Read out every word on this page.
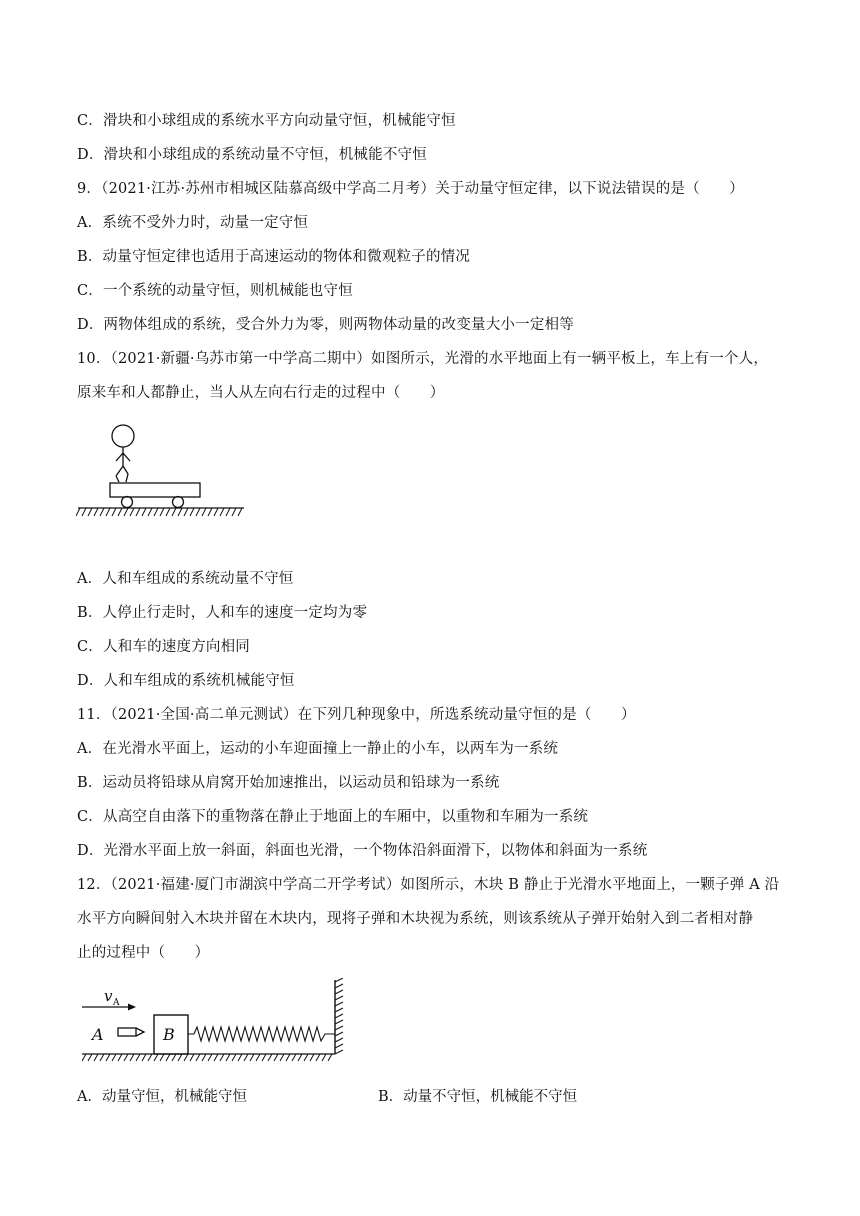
C．滑块和小球组成的系统水平方向动量守恒，机械能守恒
D．滑块和小球组成的系统动量不守恒，机械能不守恒
9．（2021·江苏·苏州市相城区陆慕高级中学高二月考）关于动量守恒定律，以下说法错误的是（　　）
A．系统不受外力时，动量一定守恒
B．动量守恒定律也适用于高速运动的物体和微观粒子的情况
C．一个系统的动量守恒，则机械能也守恒
D．两物体组成的系统，受合外力为零，则两物体动量的改变量大小一定相等
10．（2021·新疆·乌苏市第一中学高二期中）如图所示，光滑的水平地面上有一辆平板上，车上有一个人，
原来车和人都静止，当人从左向右行走的过程中（　　）
A．人和车组成的系统动量不守恒
B．人停止行走时，人和车的速度一定均为零
C．人和车的速度方向相同
D．人和车组成的系统机械能守恒
11．（2021·全国·高二单元测试）在下列几种现象中，所选系统动量守恒的是（　　）
A．在光滑水平面上，运动的小车迎面撞上一静止的小车，以两车为一系统
B．运动员将铅球从肩窝开始加速推出，以运动员和铅球为一系统
C．从高空自由落下的重物落在静止于地面上的车厢中，以重物和车厢为一系统
D．光滑水平面上放一斜面，斜面也光滑，一个物体沿斜面滑下，以物体和斜面为一系统
12．（2021·福建·厦门市湖滨中学高二开学考试）如图所示，木块 B 静止于光滑水平地面上，一颗子弹 A 沿
水平方向瞬间射入木块并留在木块内，现将子弹和木块视为系统，则该系统从子弹开始射入到二者相对静
止的过程中（　　）
v A
A	B
A．动量守恒，机械能守恒	B．动量不守恒，机械能不守恒
